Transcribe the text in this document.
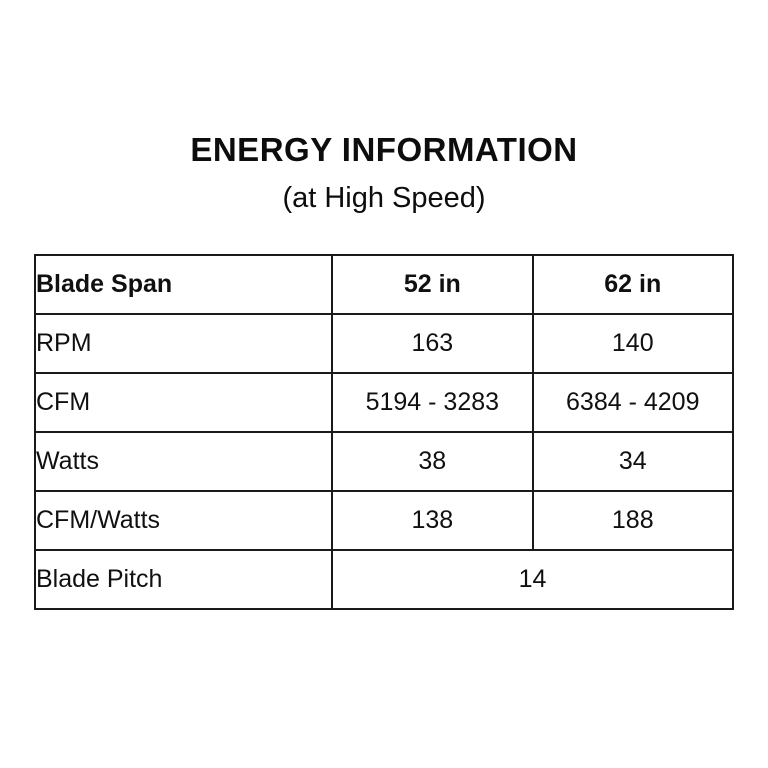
ENERGY INFORMATION
(at High Speed)
Blade Span	52 in	62 in
RPM	163	140
CFM	5194 - 3283	6384 - 4209
Watts	38	34
CFM/Watts	138	188
Blade Pitch	14	
